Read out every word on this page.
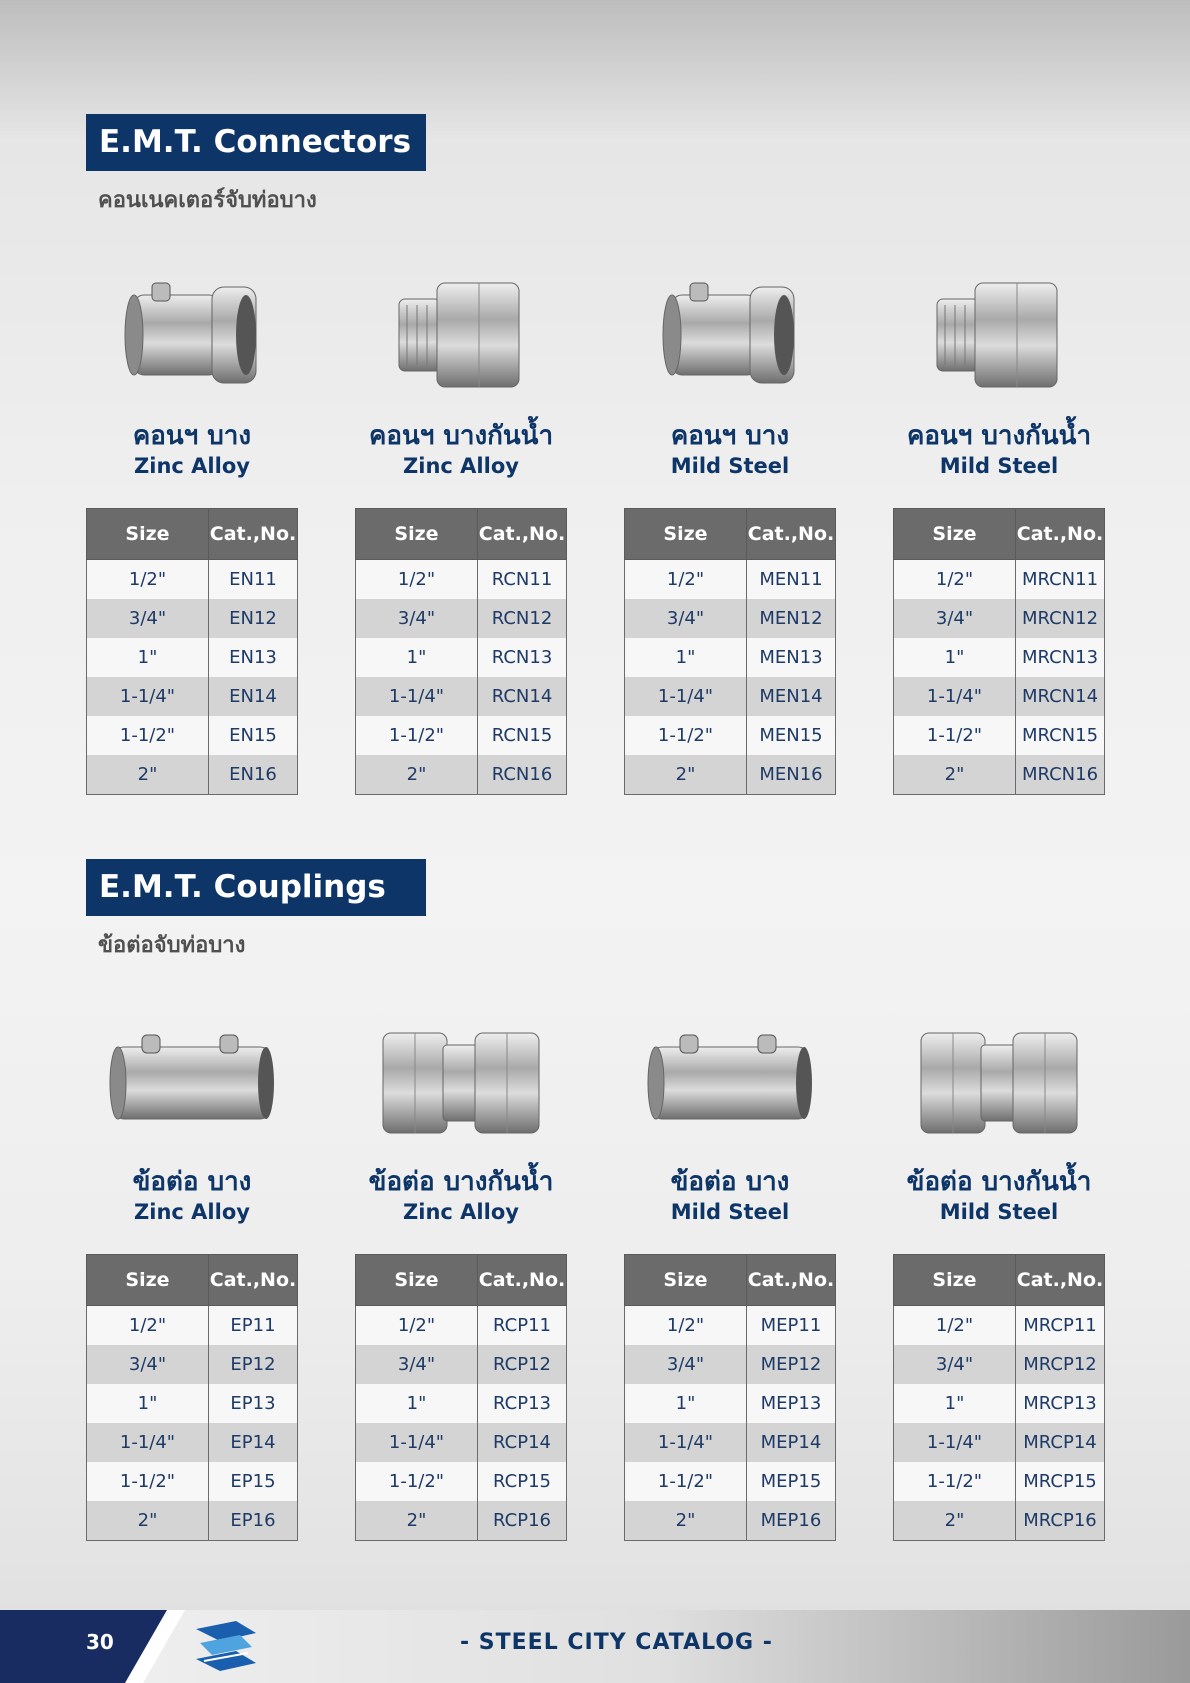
E.M.T. Connectors
คอนเนคเตอร์จับท่อบาง
E.M.T. Couplings
ข้อต่อจับท่อบาง
คอนฯ บาง
Zinc Alloy
Size	Cat.,No.
1/2"	EN11
3/4"	EN12
1"	EN13
1-1/4"	EN14
1-1/2"	EN15
2"	EN16
คอนฯ บางกันน้ำ
Zinc Alloy
Size	Cat.,No.
1/2"	RCN11
3/4"	RCN12
1"	RCN13
1-1/4"	RCN14
1-1/2"	RCN15
2"	RCN16
คอนฯ บาง
Mild Steel
Size	Cat.,No.
1/2"	MEN11
3/4"	MEN12
1"	MEN13
1-1/4"	MEN14
1-1/2"	MEN15
2"	MEN16
คอนฯ บางกันน้ำ
Mild Steel
Size	Cat.,No.
1/2"	MRCN11
3/4"	MRCN12
1"	MRCN13
1-1/4"	MRCN14
1-1/2"	MRCN15
2"	MRCN16
ข้อต่อ บาง
Zinc Alloy
Size	Cat.,No.
1/2"	EP11
3/4"	EP12
1"	EP13
1-1/4"	EP14
1-1/2"	EP15
2"	EP16
ข้อต่อ บางกันน้ำ
Zinc Alloy
Size	Cat.,No.
1/2"	RCP11
3/4"	RCP12
1"	RCP13
1-1/4"	RCP14
1-1/2"	RCP15
2"	RCP16
ข้อต่อ บาง
Mild Steel
Size	Cat.,No.
1/2"	MEP11
3/4"	MEP12
1"	MEP13
1-1/4"	MEP14
1-1/2"	MEP15
2"	MEP16
ข้อต่อ บางกันน้ำ
Mild Steel
Size	Cat.,No.
1/2"	MRCP11
3/4"	MRCP12
1"	MRCP13
1-1/4"	MRCP14
1-1/2"	MRCP15
2"	MRCP16
30	- STEEL CITY CATALOG -
